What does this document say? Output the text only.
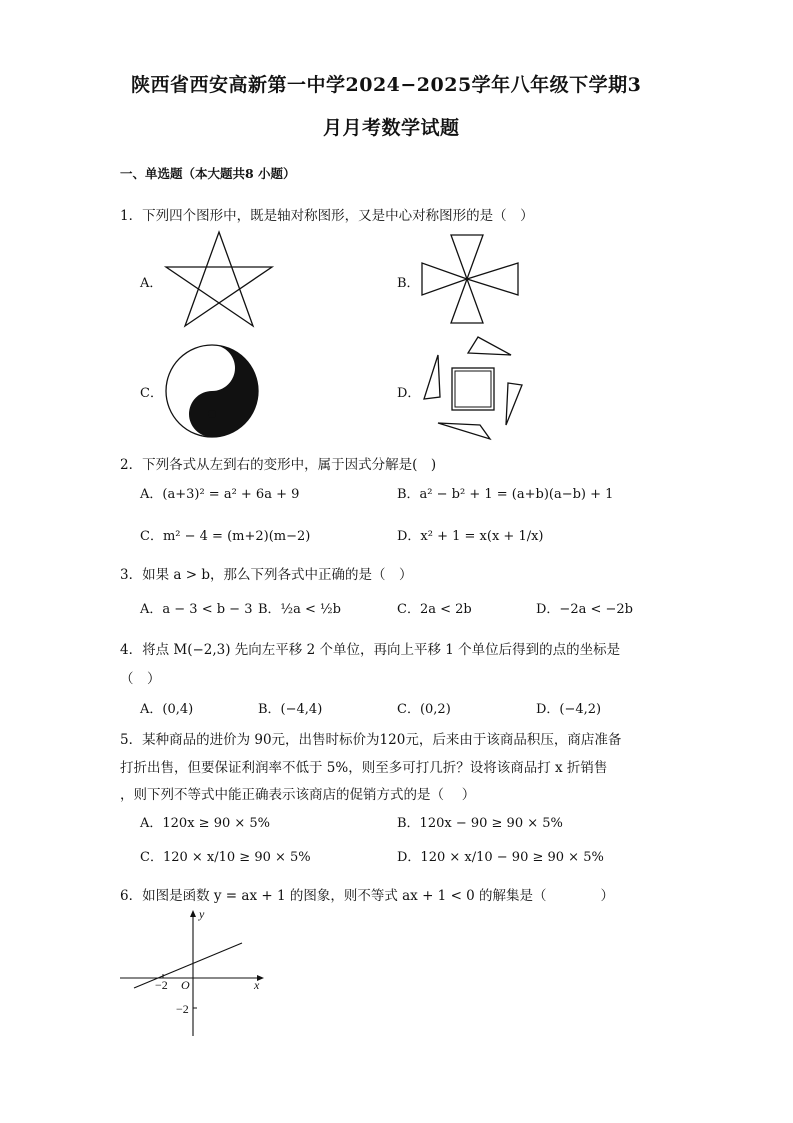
陕西省西安高新第一中学2024−2025学年八年级下学期3
月月考数学试题
一、单选题（本大题共8 小题）
1．下列四个图形中，既是轴对称图形，又是中心对称图形的是（　）
A．	B．
C．	D．
2．下列各式从左到右的变形中，属于因式分解是(　)
A．(a+3)² = a² + 6a + 9	B．a² − b² + 1 = (a+b)(a−b) + 1
C．m² − 4 = (m+2)(m−2)	D．x² + 1 = x(x + 1/x)
3．如果 a > b，那么下列各式中正确的是（　）
A．a − 3 < b − 3 B．½a < ½b	C．2a < 2b	D．−2a < −2b
4．将点 M(−2,3) 先向左平移 2 个单位，再向上平移 1 个单位后得到的点的坐标是
（　）
A．(0,4)	B．(−4,4)	C．(0,2)	D．(−4,2)
5．某种商品的进价为 90元，出售时标价为120元，后来由于该商品积压，商店准备
打折出售，但要保证利润率不低于 5%，则至多可打几折？设将该商品打 x 折销售
，则下列不等式中能正确表示该商店的促销方式的是（　 ）
A．120x ≥ 90 × 5%	B．120x − 90 ≥ 90 × 5%
C．120 × x/10 ≥ 90 × 5%	D．120 × x/10 − 90 ≥ 90 × 5%
6．如图是函数 y = ax + 1 的图象，则不等式 ax + 1 < 0 的解集是（　　　　）
y
x
O
−2
−2
